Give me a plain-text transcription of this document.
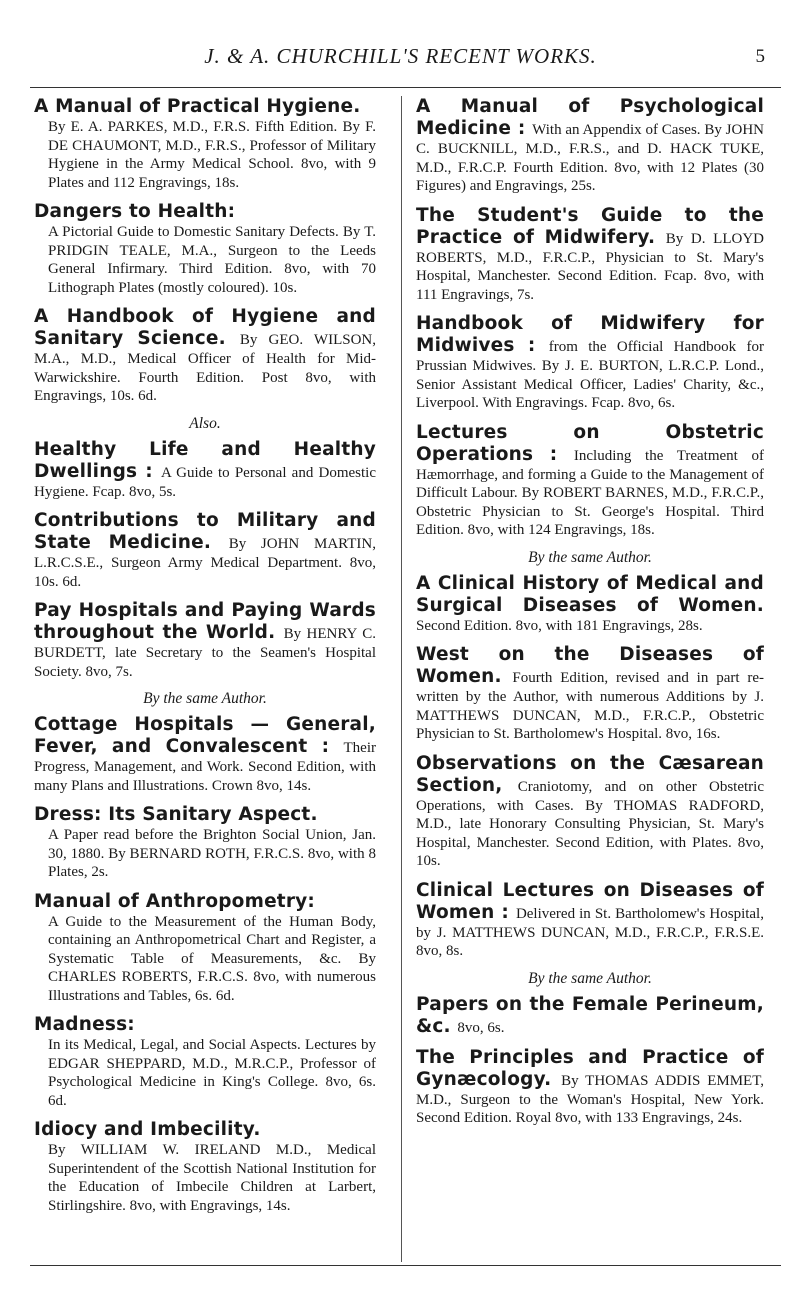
J. & A. CHURCHILL'S RECENT WORKS.	5
A Manual of Practical Hygiene.
By E. A. PARKES, M.D., F.R.S. Fifth Edition. By F. DE CHAUMONT, M.D., F.R.S., Professor of Military Hygiene in the Army Medical School. 8vo, with 9 Plates and 112 Engravings, 18s.
Dangers to Health:
A Pictorial Guide to Domestic Sanitary Defects. By T. PRIDGIN TEALE, M.A., Surgeon to the Leeds General Infirmary. Third Edition. 8vo, with 70 Lithograph Plates (mostly coloured). 10s.
A Handbook of Hygiene and Sanitary Science. By GEO. WILSON, M.A., M.D., Medical Officer of Health for Mid-Warwickshire. Fourth Edition. Post 8vo, with Engravings, 10s. 6d.
Also.
Healthy Life and Healthy Dwellings : A Guide to Personal and Domestic Hygiene. Fcap. 8vo, 5s.
Contributions to Military and State Medicine. By JOHN MARTIN, L.R.C.S.E., Surgeon Army Medical Department. 8vo, 10s. 6d.
Pay Hospitals and Paying Wards throughout the World. By HENRY C. BURDETT, late Secretary to the Seamen's Hospital Society. 8vo, 7s.
By the same Author.
Cottage Hospitals — General, Fever, and Convalescent : Their Progress, Management, and Work. Second Edition, with many Plans and Illustrations. Crown 8vo, 14s.
Dress: Its Sanitary Aspect.
A Paper read before the Brighton Social Union, Jan. 30, 1880. By BERNARD ROTH, F.R.C.S. 8vo, with 8 Plates, 2s.
Manual of Anthropometry:
A Guide to the Measurement of the Human Body, containing an Anthropometrical Chart and Register, a Systematic Table of Measurements, &c. By CHARLES ROBERTS, F.R.C.S. 8vo, with numerous Illustrations and Tables, 6s. 6d.
Madness:
In its Medical, Legal, and Social Aspects. Lectures by EDGAR SHEPPARD, M.D., M.R.C.P., Professor of Psychological Medicine in King's College. 8vo, 6s. 6d.
Idiocy and Imbecility.
By WILLIAM W. IRELAND M.D., Medical Superintendent of the Scottish National Institution for the Education of Imbecile Children at Larbert, Stirlingshire. 8vo, with Engravings, 14s.
A Manual of Psychological Medicine : With an Appendix of Cases. By JOHN C. BUCKNILL, M.D., F.R.S., and D. HACK TUKE, M.D., F.R.C.P. Fourth Edition. 8vo, with 12 Plates (30 Figures) and Engravings, 25s.
The Student's Guide to the Practice of Midwifery. By D. LLOYD ROBERTS, M.D., F.R.C.P., Physician to St. Mary's Hospital, Manchester. Second Edition. Fcap. 8vo, with 111 Engravings, 7s.
Handbook of Midwifery for Midwives : from the Official Handbook for Prussian Midwives. By J. E. BURTON, L.R.C.P. Lond., Senior Assistant Medical Officer, Ladies' Charity, &c., Liverpool. With Engravings. Fcap. 8vo, 6s.
Lectures on Obstetric Operations : Including the Treatment of Hæmorrhage, and forming a Guide to the Management of Difficult Labour. By ROBERT BARNES, M.D., F.R.C.P., Obstetric Physician to St. George's Hospital. Third Edition. 8vo, with 124 Engravings, 18s.
By the same Author.
A Clinical History of Medical and Surgical Diseases of Women. Second Edition. 8vo, with 181 Engravings, 28s.
West on the Diseases of Women. Fourth Edition, revised and in part re-written by the Author, with numerous Additions by J. MATTHEWS DUNCAN, M.D., F.R.C.P., Obstetric Physician to St. Bartholomew's Hospital. 8vo, 16s.
Observations on the Cæsarean Section, Craniotomy, and on other Obstetric Operations, with Cases. By THOMAS RADFORD, M.D., late Honorary Consulting Physician, St. Mary's Hospital, Manchester. Second Edition, with Plates. 8vo, 10s.
Clinical Lectures on Diseases of Women : Delivered in St. Bartholomew's Hospital, by J. MATTHEWS DUNCAN, M.D., F.R.C.P., F.R.S.E. 8vo, 8s.
By the same Author.
Papers on the Female Perineum, &c. 8vo, 6s.
The Principles and Practice of Gynæcology. By THOMAS ADDIS EMMET, M.D., Surgeon to the Woman's Hospital, New York. Second Edition. Royal 8vo, with 133 Engravings, 24s.
